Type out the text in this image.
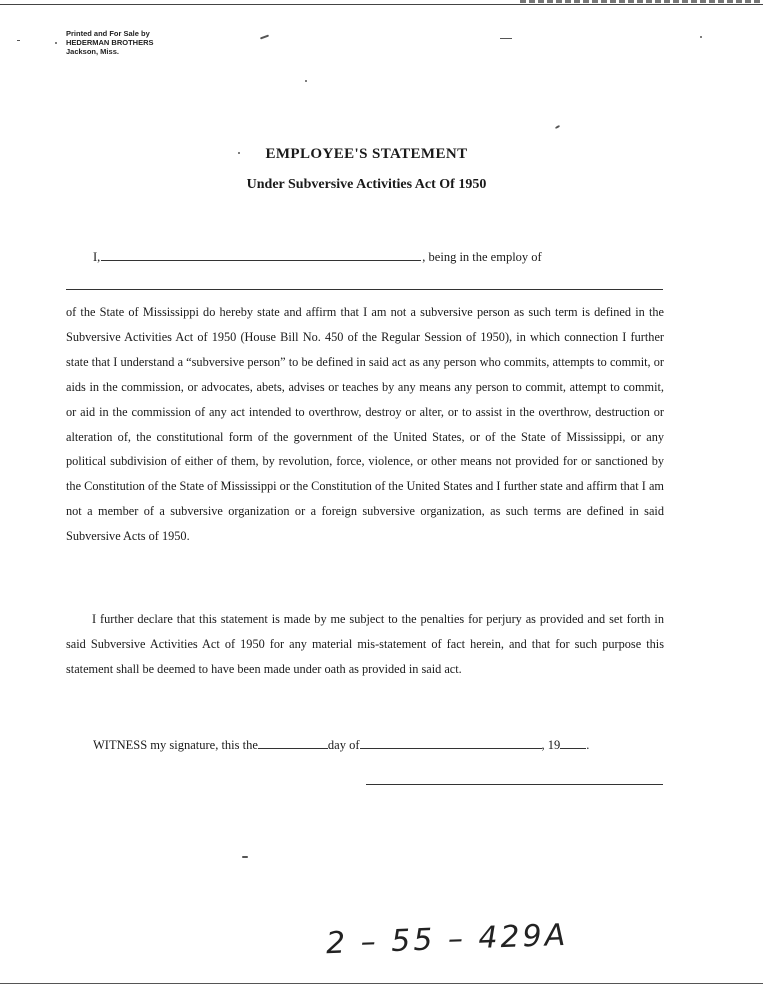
Printed and For Sale by
HEDERMAN BROTHERS
Jackson, Miss.
EMPLOYEE'S STATEMENT
Under Subversive Activities Act Of 1950
I,	, being in the employ of

of the State of Mississippi do hereby state and affirm that I am not a subversive person as such term is defined in the Subversive Activities Act of 1950 (House Bill No. 450 of the Regular Session of 1950), in which connection I further state that I understand a “subversive person” to be defined in said act as any person who commits, attempts to commit, or aids in the commission, or advocates, abets, advises or teaches by any means any person to commit, attempt to commit, or aid in the commission of any act intended to overthrow, destroy or alter, or to assist in the overthrow, destruction or alteration of, the constitutional form of the government of the United States, or of the State of Mississippi, or any political subdivision of either of them, by revolution, force, violence, or other means not provided for or sanctioned by the Constitution of the State of Mississippi or the Constitution of the United States and I further state and affirm that I am not a member of a subversive organization or a foreign subversive organization, as such terms are defined in said Subversive Acts of 1950.

I further declare that this statement is made by me subject to the penalties for perjury as provided and set forth in said Subversive Activities Act of 1950 for any material mis-statement of fact herein, and that for such purpose this statement shall be deemed to have been made under oath as provided in said act.

WITNESS my signature, this the	day of	, 19 .
2 – 55 – 429A
